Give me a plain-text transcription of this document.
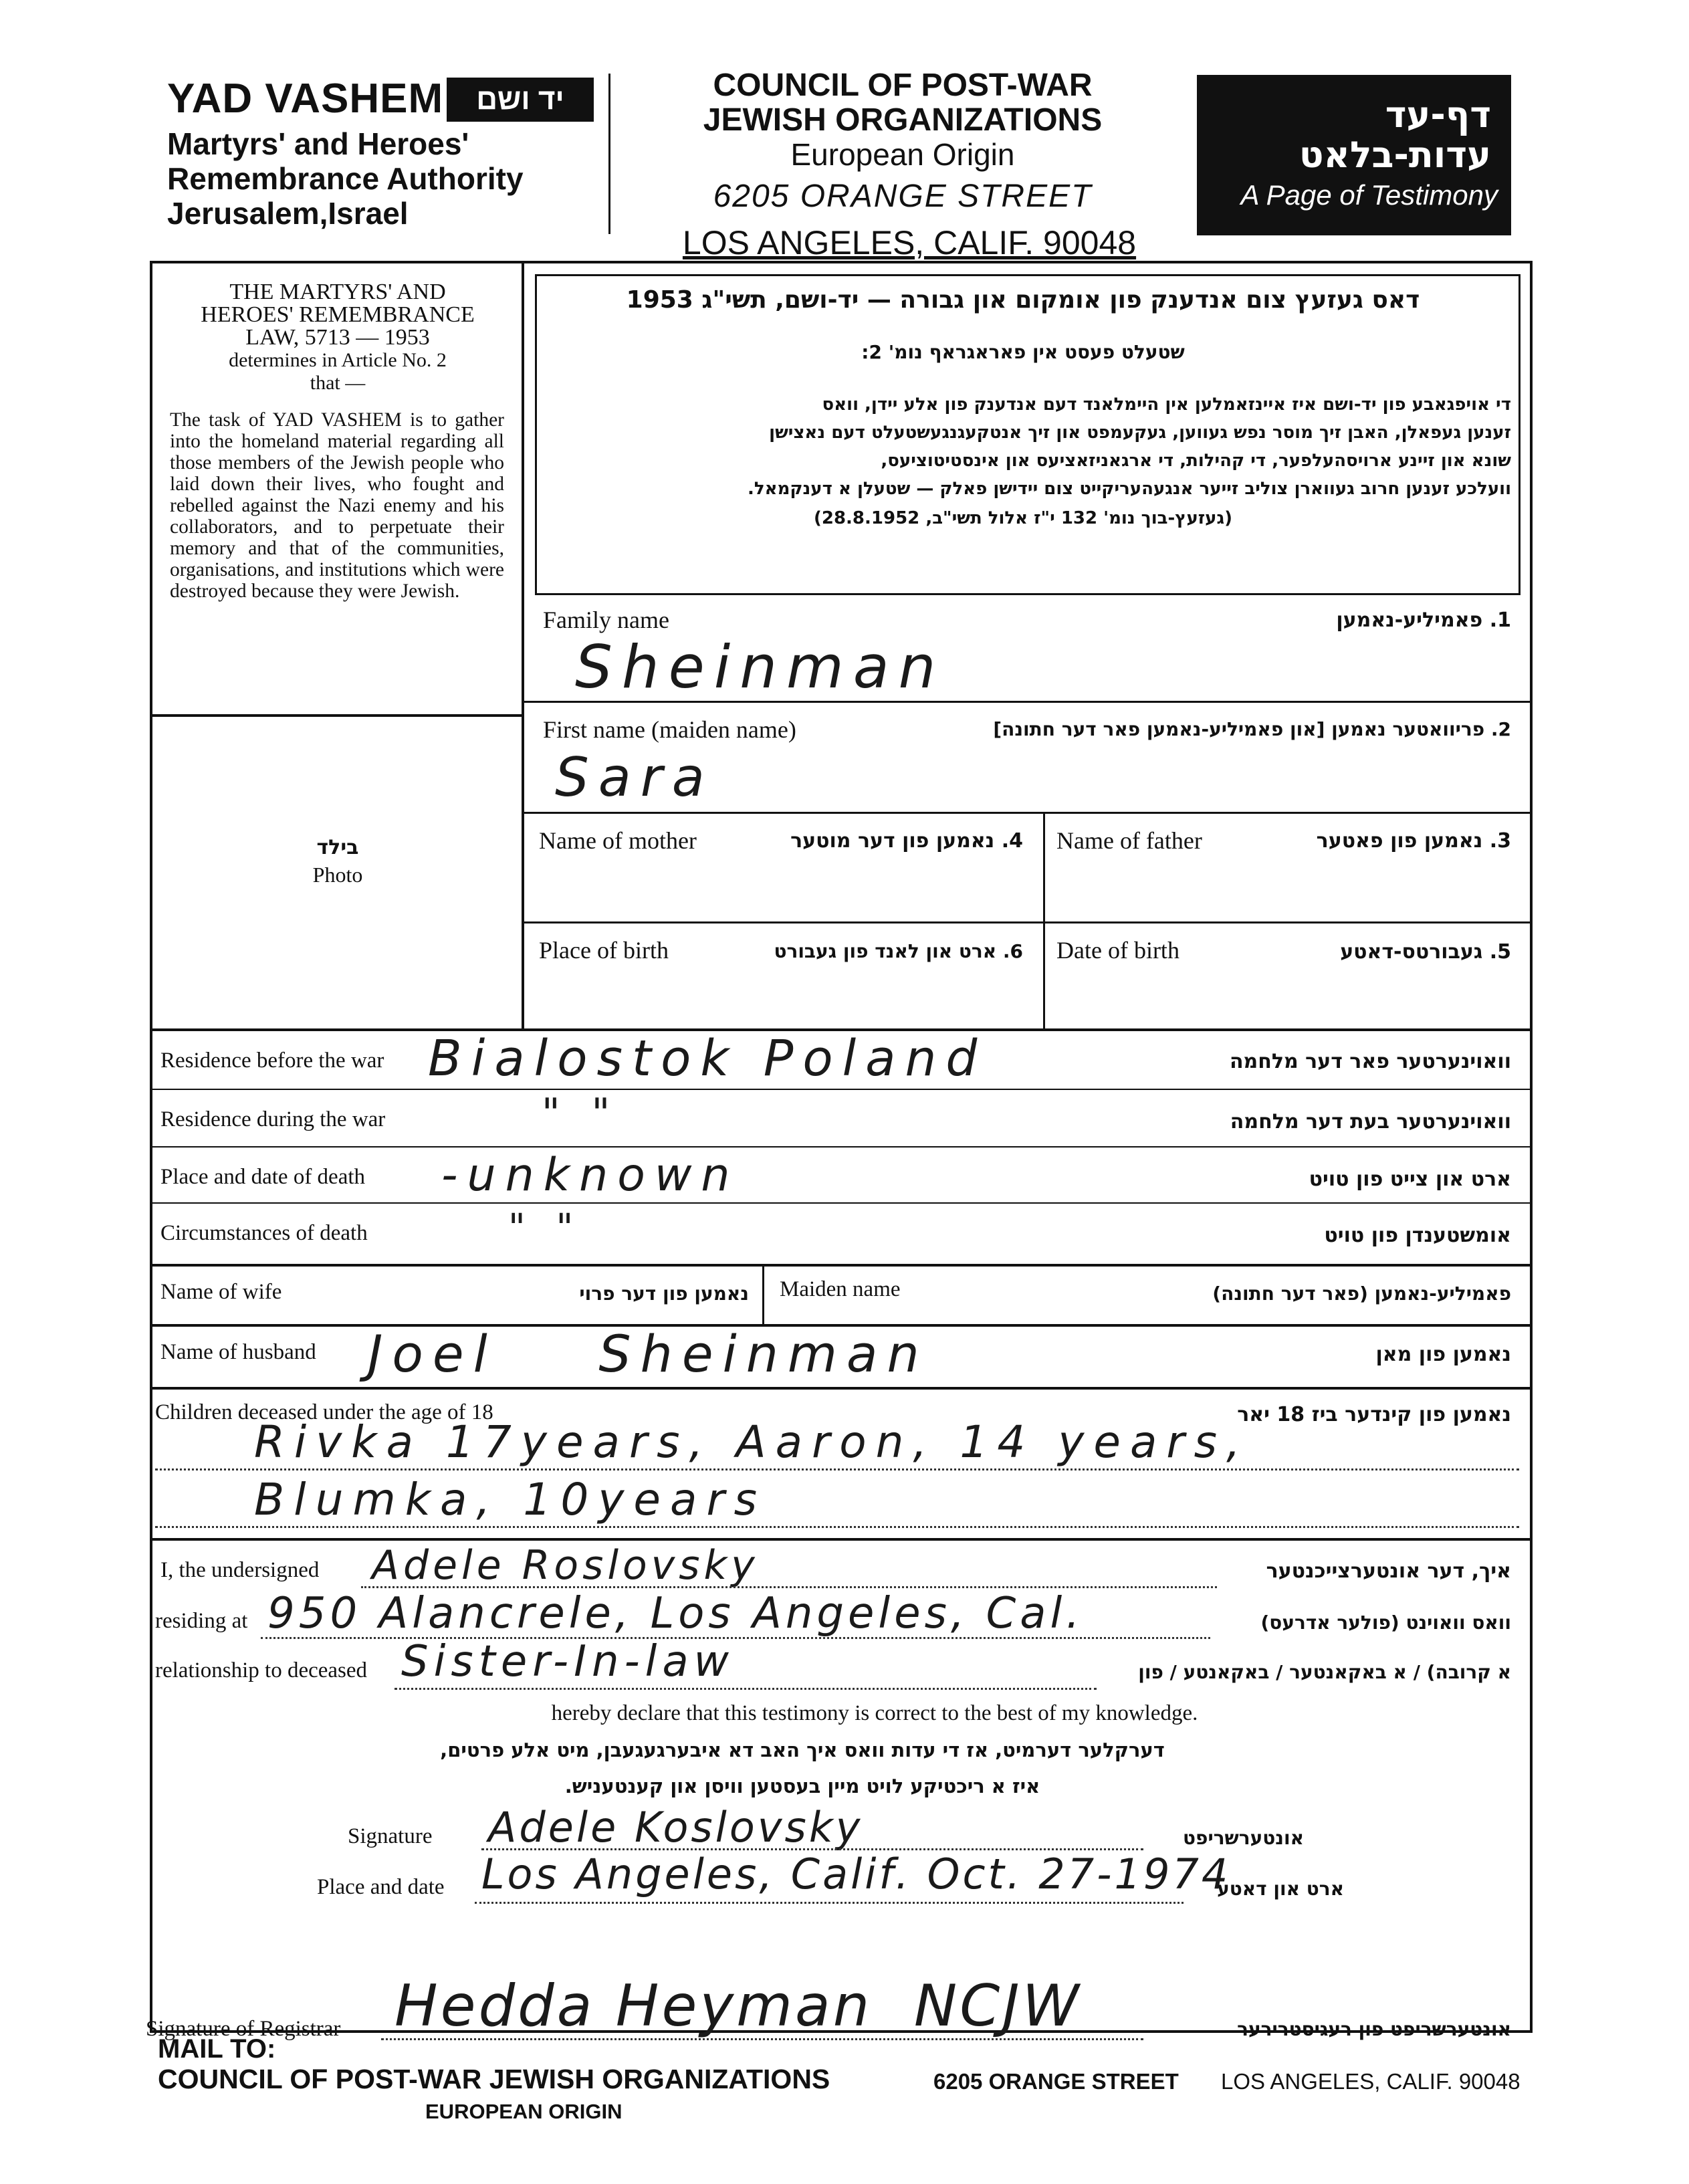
YAD VASHEM	יד ושם
Martyrs' and Heroes'
Remembrance Authority
Jerusalem,Israel
COUNCIL OF POST-WAR
JEWISH ORGANIZATIONS
European Origin
6205 ORANGE STREET
LOS ANGELES, CALIF. 90048
דף-עד
עדות-בלאט
A Page of Testimony
THE MARTYRS' AND
HEROES' REMEMBRANCE
LAW, 5713 — 1953
determines in Article No. 2
that —
The task of YAD VASHEM is to gather into the homeland material regarding all those members of the Jewish people who laid down their lives, who fought and rebelled against the Nazi enemy and his collaborators, and to perpetuate their memory and that of the communities, organisations, and institutions which were destroyed because they were Jewish.
בילד
Photo
דאס געזעץ צום אנדענק פון אומקום און גבורה — יד-ושם, תשי"ג 1953
שטעלט פעסט אין פאראגראף נומ' 2:
די אויפגאבע פון יד-ושם איז איינזאמלען אין היימלאנד דעם אנדענק פון אלע יידן, וואס
זענען געפאלן, האבן זיך מוסר נפש געווען, געקעמפט און זיך אנטקעגנגעשטעלט דעם נאצישן
שונא און זיינע ארויסהעלפער, די קהילות, די ארגאניזאציעס און אינסטיטוציעס,
וועלכע זענען חרוב געווארן צוליב זייער אנגעהעריקייט צום יידישן פאלק — שטעלן א דענקמאל.
(געזעץ-בוך נומ' 132 י"ז אלול תשי"ב, 28.8.1952)
Family name	1. פאמיליע-נאמען
Sheinman
First name (maiden name)	2. פריוואטער נאמען [און פאמיליע-נאמען פאר דער חתונה]
Sara
Name of mother	4. נאמען פון דער מוטער Name of father	3. נאמען פון פאטער
Place of birth	6. ארט און לאנד פון געבורט Date of birth	5. געבורטס-דאטע
Residence before the war Bialostok Poland	וואוינערטער פאר דער מלחמה
Residence during the war	" "	וואוינערטער בעת דער מלחמה
Place and date of death -unknown	ארט און צייט פון טויט
Circumstances of death	" "	אומשטענדן פון טויט
Name of wife	נאמען פון דער פרוי Maiden name	פאמיליע-נאמען (פאר דער חתונה)
Name of husband Joel    Sheinman	נאמען פון מאן
Children deceased under the age of 18	נאמען פון קינדער ביז 18 יאר
Rivka 17years, Aaron, 14 years,
Blumka, 10years
I, the undersigned Adele Roslovsky	איך, דער אונטערצייכנטער
residing at 950 Alancrele, Los Angeles, Cal.	וואס וואוינט (פולער אדרעס)
relationship to deceased Sister-In-law	א קרובה) / א באקאנטער / באקאנטע / פון
hereby declare that this testimony is correct to the best of my knowledge.
דערקלער דערמיט, אז די עדות וואס איך האב דא איבערגעגעבן, מיט אלע פרטים,
איז א ריכטיקע לויט מיין בעסטען וויסן און קענטעניש.
Signature Adele Koslovsky	אונטערשריפט
Place and date Los Angeles, Calif. Oct. 27-1974
ארט און דאטע
Signature of Registrar Hedda Heyman  NCJW	אונטערשריפט פון רעגיסטרירער
MAIL TO:
COUNCIL OF POST-WAR JEWISH ORGANIZATIONS	6205 ORANGE STREET LOS ANGELES, CALIF. 90048
EUROPEAN ORIGIN
